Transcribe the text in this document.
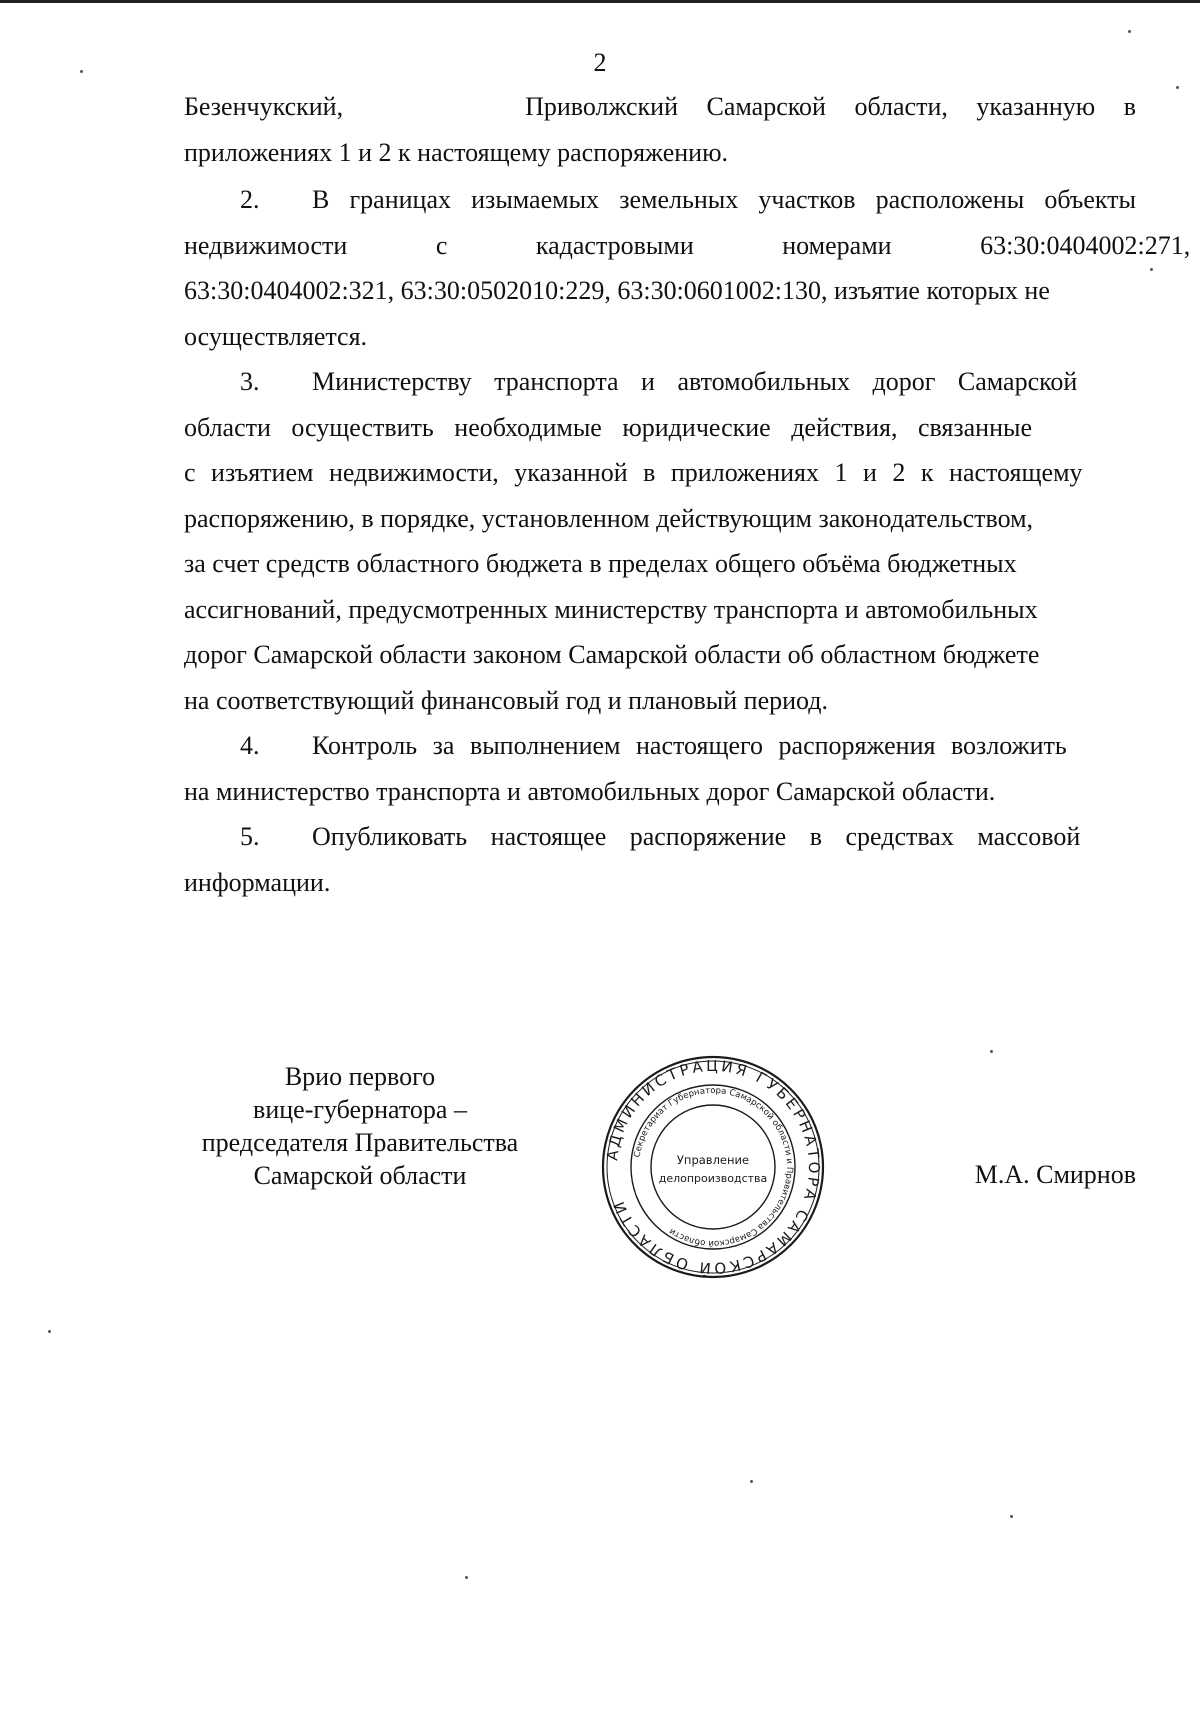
2
Безенчукский,	Приволжский Самарской области, указанную в
приложениях 1 и 2 к настоящему распоряжению.
2. В границах изымаемых земельных участков расположены объекты
недвижимости с кадастровыми номерами 63:30:0404002:271,
63:30:0404002:321, 63:30:0502010:229, 63:30:0601002:130, изъятие которых не
осуществляется.
3. Министерству транспорта и автомобильных дорог Самарской
области осуществить необходимые юридические действия, связанные
с изъятием недвижимости, указанной в приложениях 1 и 2 к настоящему
распоряжению, в порядке, установленном действующим законодательством,
за счет средств областного бюджета в пределах общего объёма бюджетных
ассигнований, предусмотренных министерству транспорта и автомобильных
дорог Самарской области законом Самарской области об областном бюджете
на соответствующий финансовый год и плановый период.
4. Контроль за выполнением настоящего распоряжения возложить
на министерство транспорта и автомобильных дорог Самарской области.
5. Опубликовать настоящее распоряжение в средствах массовой
информации.
Врио первого
вице-губернатора –
председателя Правительства
Самарской области	М.А. Смирнов
АДМИНИСТРАЦИЯ ГУБЕРНАТОРА САМАРСКОЙ ОБЛАСТИ
Секретариат Губернатора Самарской области и Правительства Самарской области
Управление
делопроизводства
